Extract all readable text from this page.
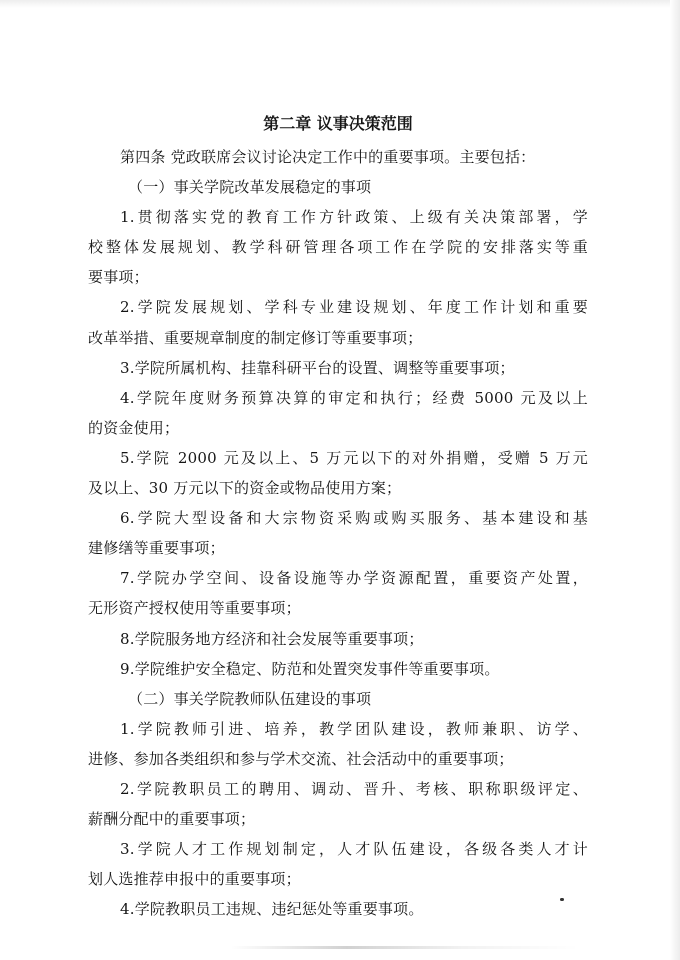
第二章 议事决策范围
第四条 党政联席会议讨论决定工作中的重要事项。主要包括：
（一）事关学院改革发展稳定的事项
1.贯彻落实党的教育工作方针政策、上级有关决策部署，学
校整体发展规划、教学科研管理各项工作在学院的安排落实等重
要事项；
2.学院发展规划、学科专业建设规划、年度工作计划和重要
改革举措、重要规章制度的制定修订等重要事项；
3.学院所属机构、挂靠科研平台的设置、调整等重要事项；
4.学院年度财务预算决算的审定和执行；经费 5000 元及以上
的资金使用；
5.学院 2000 元及以上、5 万元以下的对外捐赠，受赠 5 万元
及以上、30 万元以下的资金或物品使用方案；
6.学院大型设备和大宗物资采购或购买服务、基本建设和基
建修缮等重要事项；
7.学院办学空间、设备设施等办学资源配置，重要资产处置，
无形资产授权使用等重要事项；
8.学院服务地方经济和社会发展等重要事项；
9.学院维护安全稳定、防范和处置突发事件等重要事项。
（二）事关学院教师队伍建设的事项
1.学院教师引进、培养，教学团队建设，教师兼职、访学、
进修、参加各类组织和参与学术交流、社会活动中的重要事项；
2.学院教职员工的聘用、调动、晋升、考核、职称职级评定、
薪酬分配中的重要事项；
3.学院人才工作规划制定，人才队伍建设，各级各类人才计
划人选推荐申报中的重要事项；
4.学院教职员工违规、违纪惩处等重要事项。
